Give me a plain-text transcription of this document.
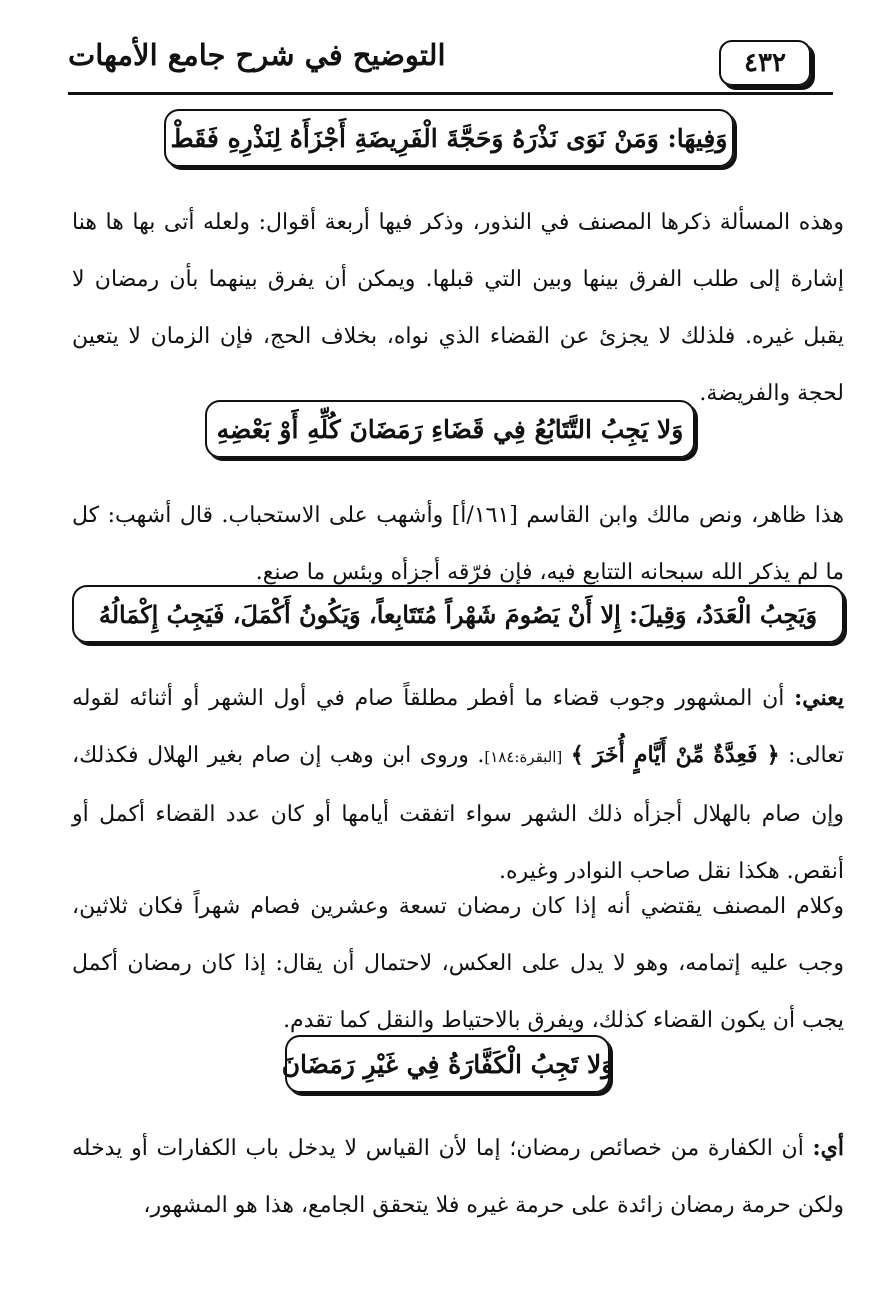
٤٣٢
التوضيح في شرح جامع الأمهات
وَفِيهَا: وَمَنْ نَوَى نَذْرَهُ وَحَجَّةَ الْفَرِيضَةِ أَجْزَأَهُ لِنَذْرِهِ فَقَطْ

وهذه المسألة ذكرها المصنف في النذور، وذكر فيها أربعة أقوال: ولعله أتى بها ها هنا إشارة إلى طلب الفرق بينها وبين التي قبلها. ويمكن أن يفرق بينهما بأن رمضان لا يقبل غيره. فلذلك لا يجزئ عن القضاء الذي نواه، بخلاف الحج، فإن الزمان لا يتعين لحجة والفريضة.

وَلا يَجِبُ التَّتَابُعُ فِي قَضَاءِ رَمَضَانَ كُلِّهِ أَوْ بَعْضِهِ

هذا ظاهر، ونص مالك وابن القاسم [١٦١/أ] وأشهب على الاستحباب. قال أشهب: كل ما لم يذكر الله سبحانه التتابع فيه، فإن فرّقه أجزأه وبئس ما صنع.

وَيَجِبُ الْعَدَدُ، وَقِيلَ: إِلا أَنْ يَصُومَ شَهْراً مُتَتَابِعاً، وَيَكُونُ أَكْمَلَ، فَيَجِبُ إِكْمَالُهُ

يعني: أن المشهور وجوب قضاء ما أفطر مطلقاً صام في أول الشهر أو أثنائه لقوله تعالى: ﴿ فَعِدَّةٌ مِّنْ أَيَّامٍ أُخَرَ ﴾ [البقرة:١٨٤]. وروى ابن وهب إن صام بغير الهلال فكذلك، وإن صام بالهلال أجزأه ذلك الشهر سواء اتفقت أيامها أو كان عدد القضاء أكمل أو أنقص. هكذا نقل صاحب النوادر وغيره.

وكلام المصنف يقتضي أنه إذا كان رمضان تسعة وعشرين فصام شهراً فكان ثلاثين، وجب عليه إتمامه، وهو لا يدل على العكس، لاحتمال أن يقال: إذا كان رمضان أكمل يجب أن يكون القضاء كذلك، ويفرق بالاحتياط والنقل كما تقدم.

وَلا تَجِبُ الْكَفَّارَةُ فِي غَيْرِ رَمَضَانَ

أي: أن الكفارة من خصائص رمضان؛ إما لأن القياس لا يدخل باب الكفارات أو يدخله ولكن حرمة رمضان زائدة على حرمة غيره فلا يتحقق الجامع، هذا هو المشهور،
